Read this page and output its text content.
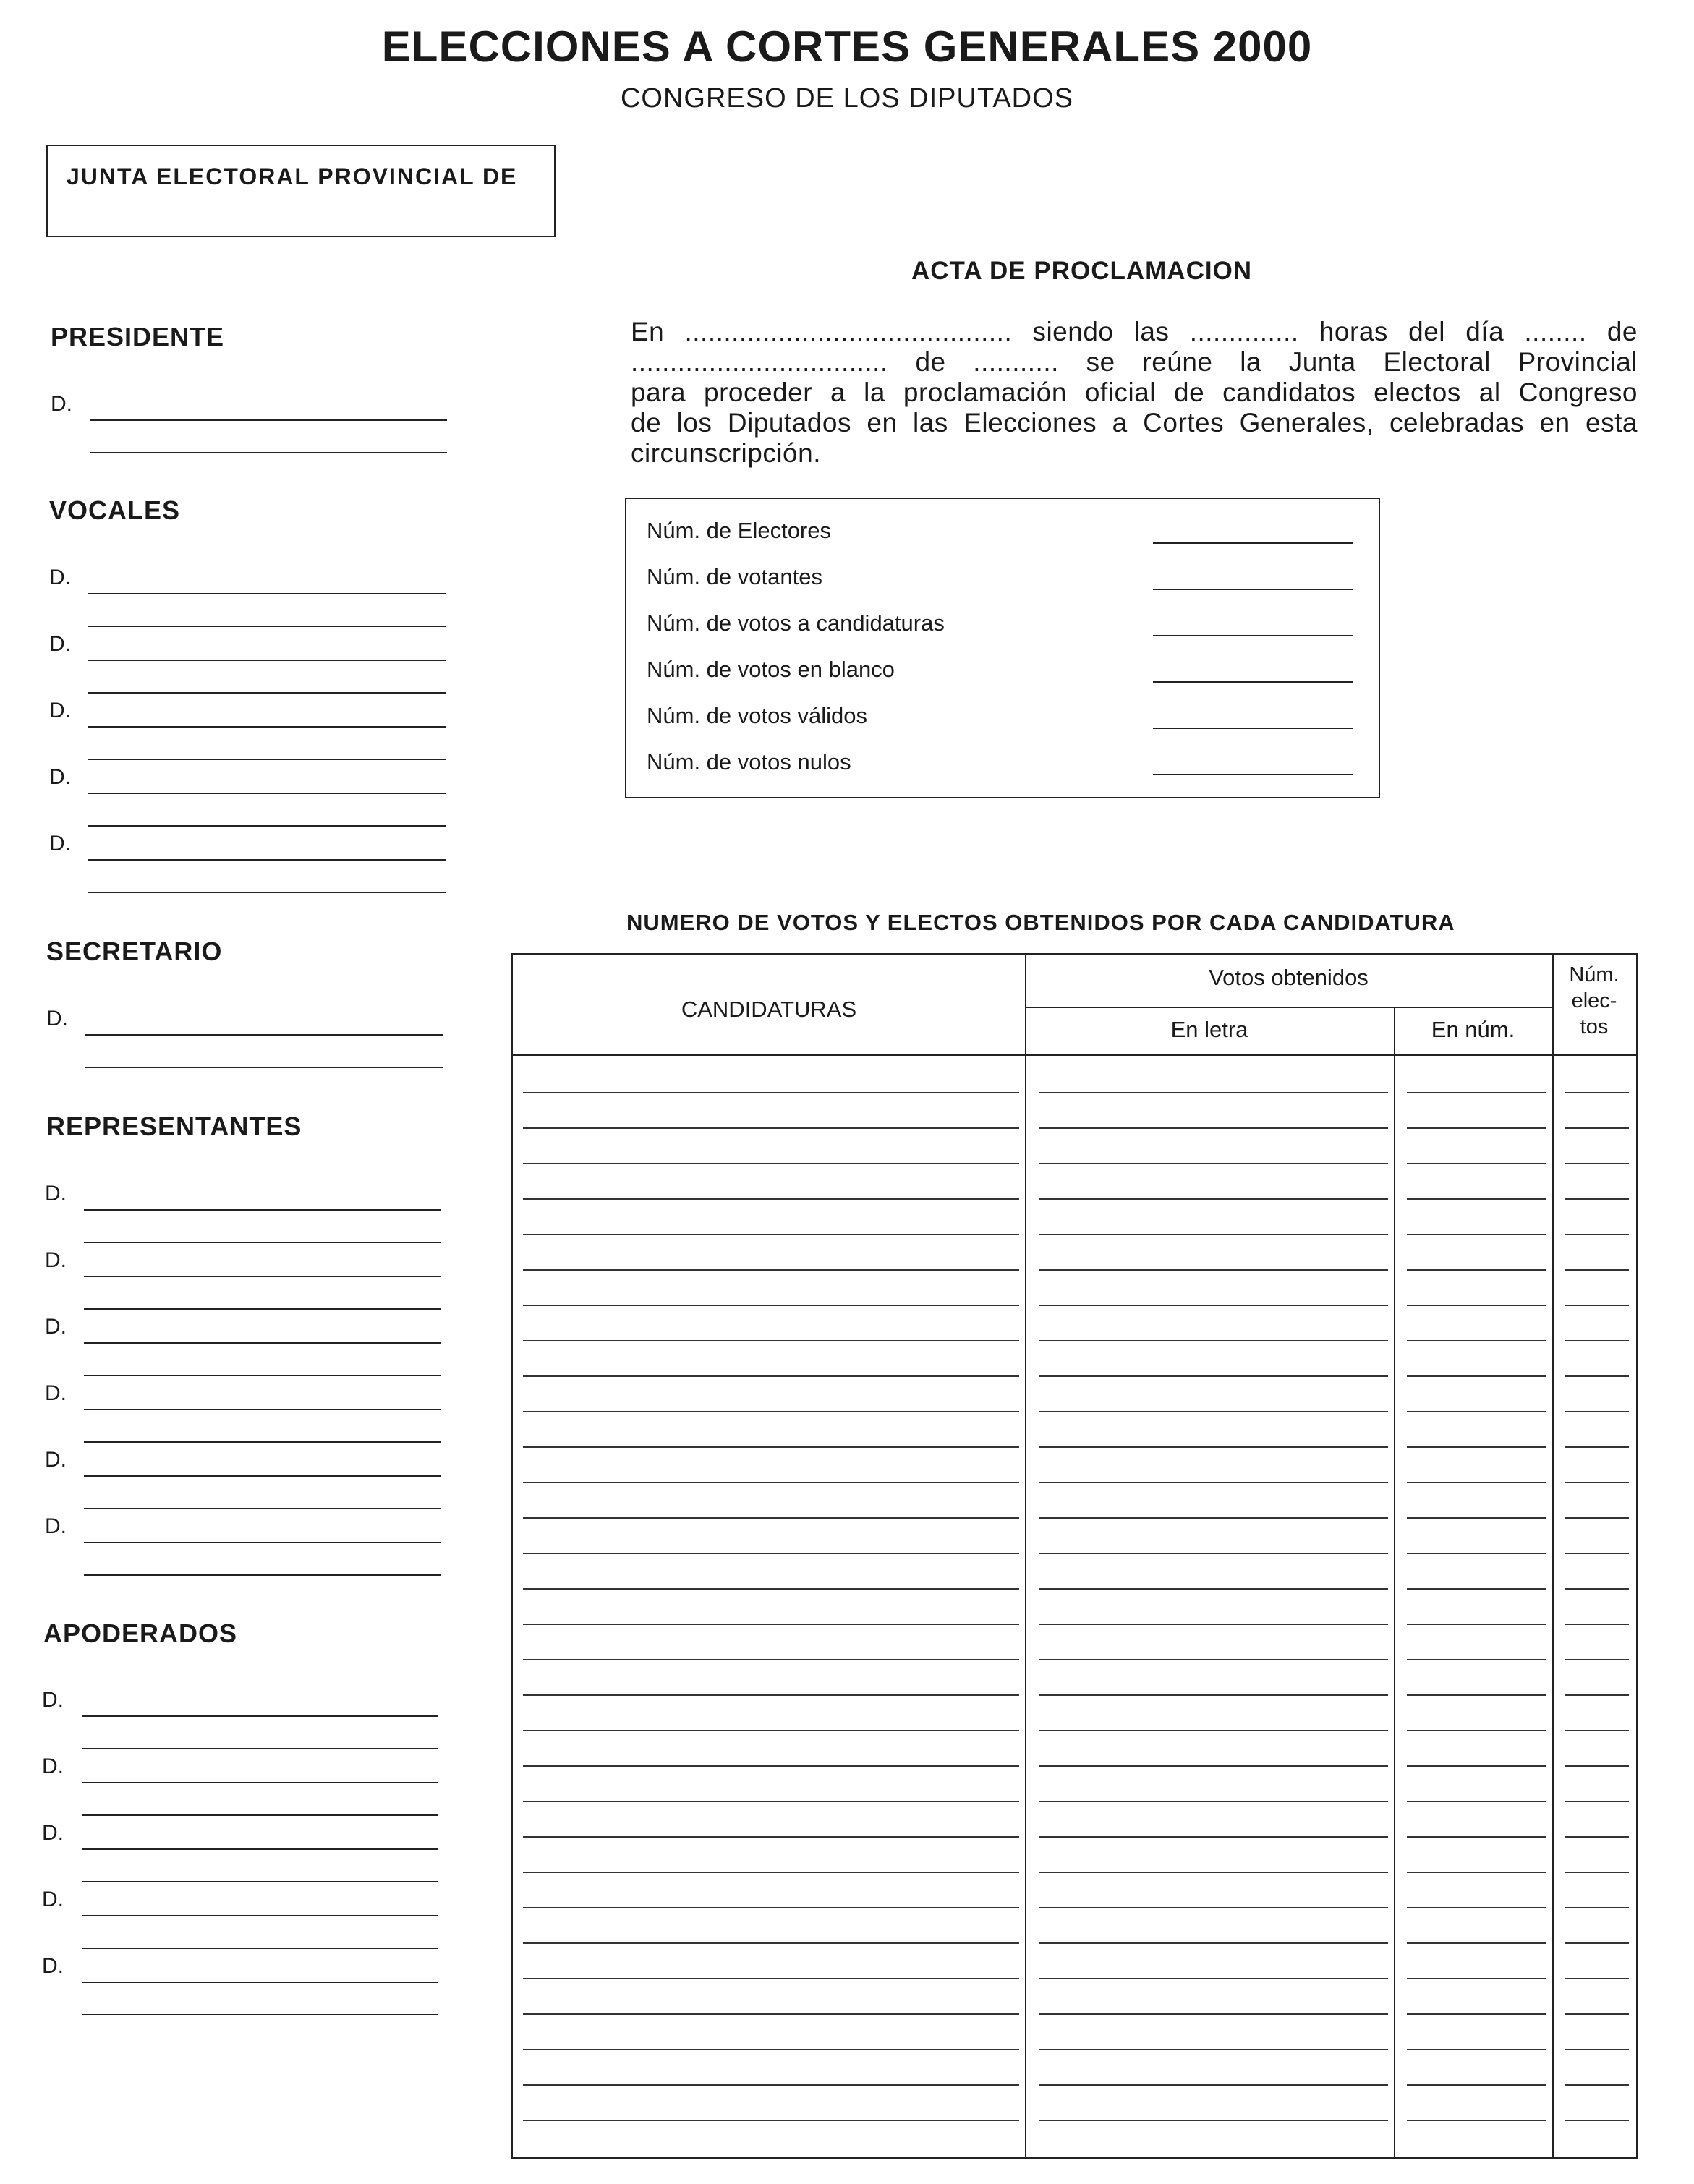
ELECCIONES A CORTES GENERALES 2000
CONGRESO DE LOS DIPUTADOS
JUNTA ELECTORAL PROVINCIAL DE
ACTA DE PROCLAMACION
En .......................................... siendo las .............. horas del día ........ de
................................. de ........... se reúne la Junta Electoral Provincial
para proceder a la proclamación oficial de candidatos electos al Congreso
de los Diputados en las Elecciones a Cortes Generales, celebradas en esta
circunscripción.
Núm. de Electores
Núm. de votantes
Núm. de votos a candidaturas
Núm. de votos en blanco
Núm. de votos válidos
Núm. de votos nulos
PRESIDENTE
D.
VOCALES
D.
D.
D.
D.
D.
SECRETARIO
D.
REPRESENTANTES
D.
D.
D.
D.
D.
D.
APODERADOS
D.
D.
D.
D.
D.
NUMERO DE VOTOS Y ELECTOS OBTENIDOS POR CADA CANDIDATURA
CANDIDATURAS
Votos obtenidos
En letra	En núm.
Núm.
elec-
tos
